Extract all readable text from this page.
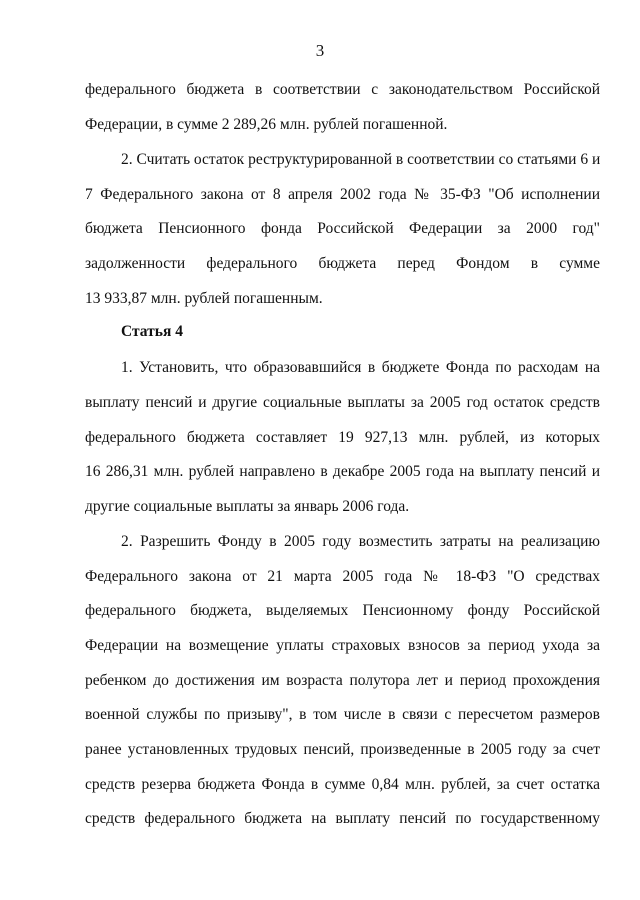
3
федерального бюджета в соответствии с законодательством Российской
Федерации, в сумме 2 289,26 млн. рублей погашенной.
2. Считать остаток реструктурированной в соответствии со статьями 6 и
7 Федерального закона от 8 апреля 2002 года № 35-ФЗ "Об исполнении
бюджета Пенсионного фонда Российской Федерации за 2000 год"
задолженности федерального бюджета перед Фондом в сумме
13 933,87 млн. рублей погашенным.
Статья 4
1. Установить, что образовавшийся в бюджете Фонда по расходам на
выплату пенсий и другие социальные выплаты за 2005 год остаток средств
федерального бюджета составляет 19 927,13 млн. рублей, из которых
16 286,31 млн. рублей направлено в декабре 2005 года на выплату пенсий и
другие социальные выплаты за январь 2006 года.
2. Разрешить Фонду в 2005 году возместить затраты на реализацию
Федерального закона от 21 марта 2005 года № 18-ФЗ "О средствах
федерального бюджета, выделяемых Пенсионному фонду Российской
Федерации на возмещение уплаты страховых взносов за период ухода за
ребенком до достижения им возраста полутора лет и период прохождения
военной службы по призыву", в том числе в связи с пересчетом размеров
ранее установленных трудовых пенсий, произведенные в 2005 году за счет
средств резерва бюджета Фонда в сумме 0,84 млн. рублей, за счет остатка
средств федерального бюджета на выплату пенсий по государственному
